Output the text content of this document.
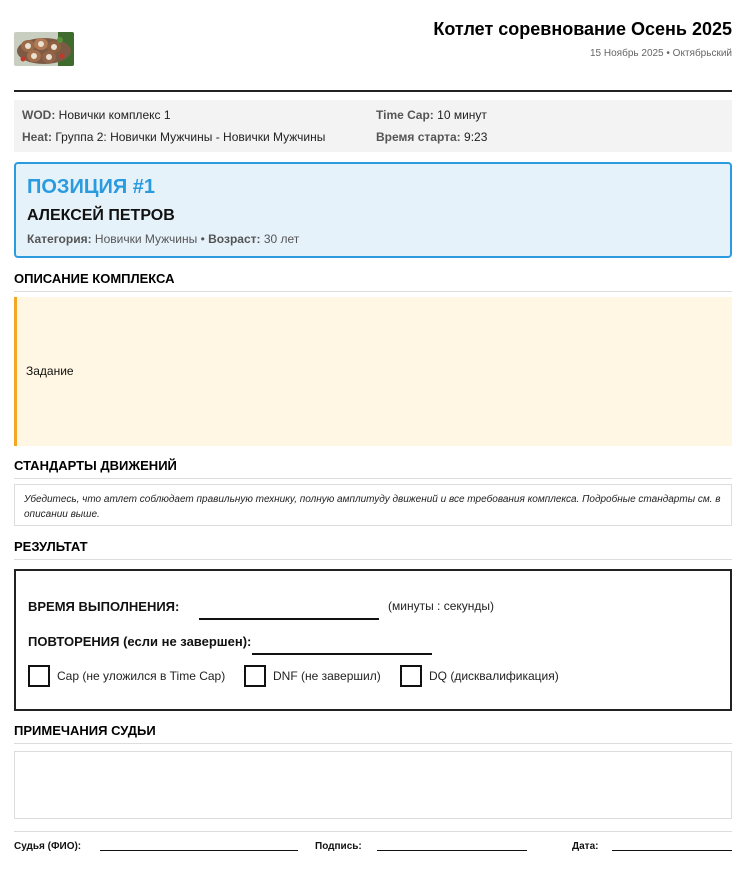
Котлет соревнование Осень 2025
15 Ноябрь 2025 • Октябрьский
WOD: Новички комплекс 1
Heat: Группа 2: Новички Мужчины - Новички Мужчины
Time Cap: 10 минут
Время старта: 9:23
ПОЗИЦИЯ #1
АЛЕКСЕЙ ПЕТРОВ
Категория: Новички Мужчины • Возраст: 30 лет
ОПИСАНИЕ КОМПЛЕКСА
Задание
СТАНДАРТЫ ДВИЖЕНИЙ
Убедитесь, что атлет соблюдает правильную технику, полную амплитуду движений и все требования комплекса. Подробные стандарты см. в описании выше.
РЕЗУЛЬТАТ
ВРЕМЯ ВЫПОЛНЕНИЯ:	(минуты : секунды)
ПОВТОРЕНИЯ (если не завершен):
Cap (не уложился в Time Cap)	DNF (не завершил)	DQ (дисквалификация)
ПРИМЕЧАНИЯ СУДЬИ
Судья (ФИО):	Подпись:	Дата:
